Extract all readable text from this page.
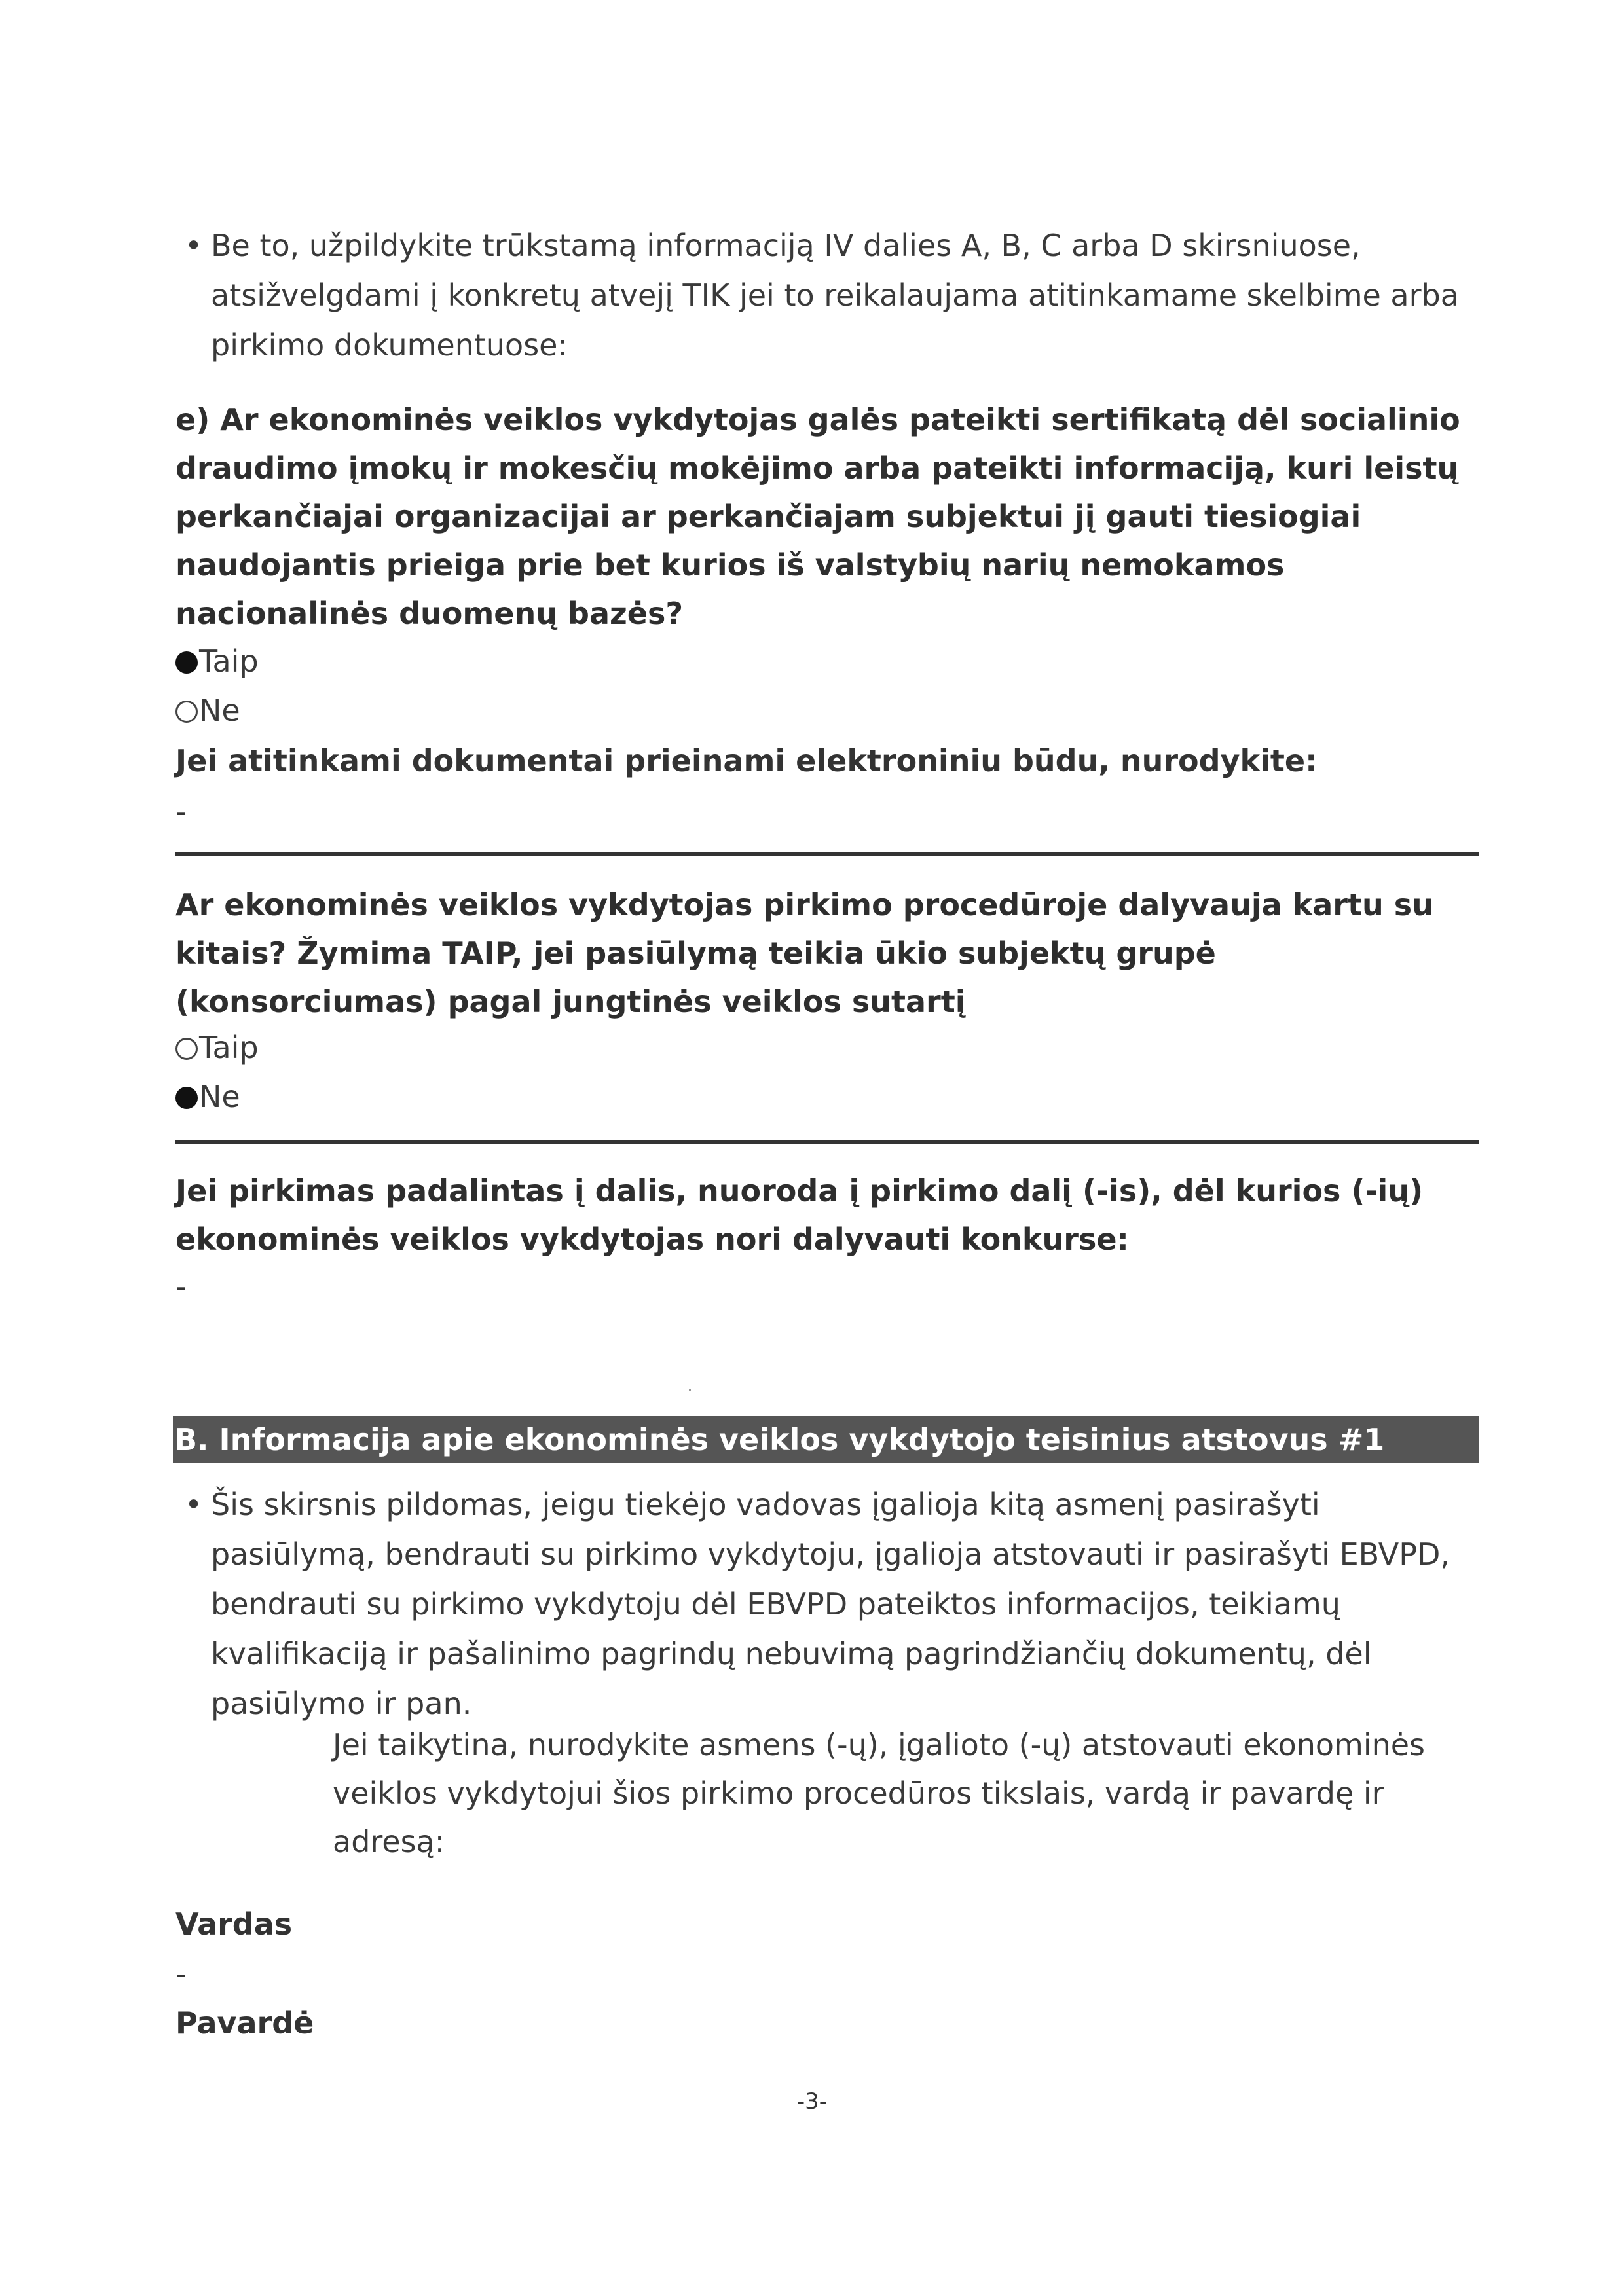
• Be to, užpildykite trūkstamą informaciją IV dalies A, B, C arba D skirsniuose, atsižvelgdami į konkretų atvejį TIK jei to reikalaujama atitinkamame skelbime arba pirkimo dokumentuose:
e) Ar ekonominės veiklos vykdytojas galės pateikti sertifikatą dėl socialinio draudimo įmokų ir mokesčių mokėjimo arba pateikti informaciją, kuri leistų perkančiajai organizacijai ar perkančiajam subjektui jį gauti tiesiogiai naudojantis prieiga prie bet kurios iš valstybių narių nemokamos nacionalinės duomenų bazės?
Taip
Ne
Jei atitinkami dokumentai prieinami elektroniniu būdu, nurodykite:
-
Ar ekonominės veiklos vykdytojas pirkimo procedūroje dalyvauja kartu su kitais? Žymima TAIP, jei pasiūlymą teikia ūkio subjektų grupė (konsorciumas) pagal jungtinės veiklos sutartį
Taip
Ne
Jei pirkimas padalintas į dalis, nuoroda į pirkimo dalį (-is), dėl kurios (-ių) ekonominės veiklos vykdytojas nori dalyvauti konkurse:
-
B. Informacija apie ekonominės veiklos vykdytojo teisinius atstovus #1
• Šis skirsnis pildomas, jeigu tiekėjo vadovas įgalioja kitą asmenį pasirašyti pasiūlymą, bendrauti su pirkimo vykdytoju, įgalioja atstovauti ir pasirašyti EBVPD, bendrauti su pirkimo vykdytoju dėl EBVPD pateiktos informacijos, teikiamų kvalifikaciją ir pašalinimo pagrindų nebuvimą pagrindžiančių dokumentų, dėl pasiūlymo ir pan.
Jei taikytina, nurodykite asmens (-ų), įgalioto (-ų) atstovauti ekonominės veiklos vykdytojui šios pirkimo procedūros tikslais, vardą ir pavardę ir adresą:
Vardas
-
Pavardė
-3-
